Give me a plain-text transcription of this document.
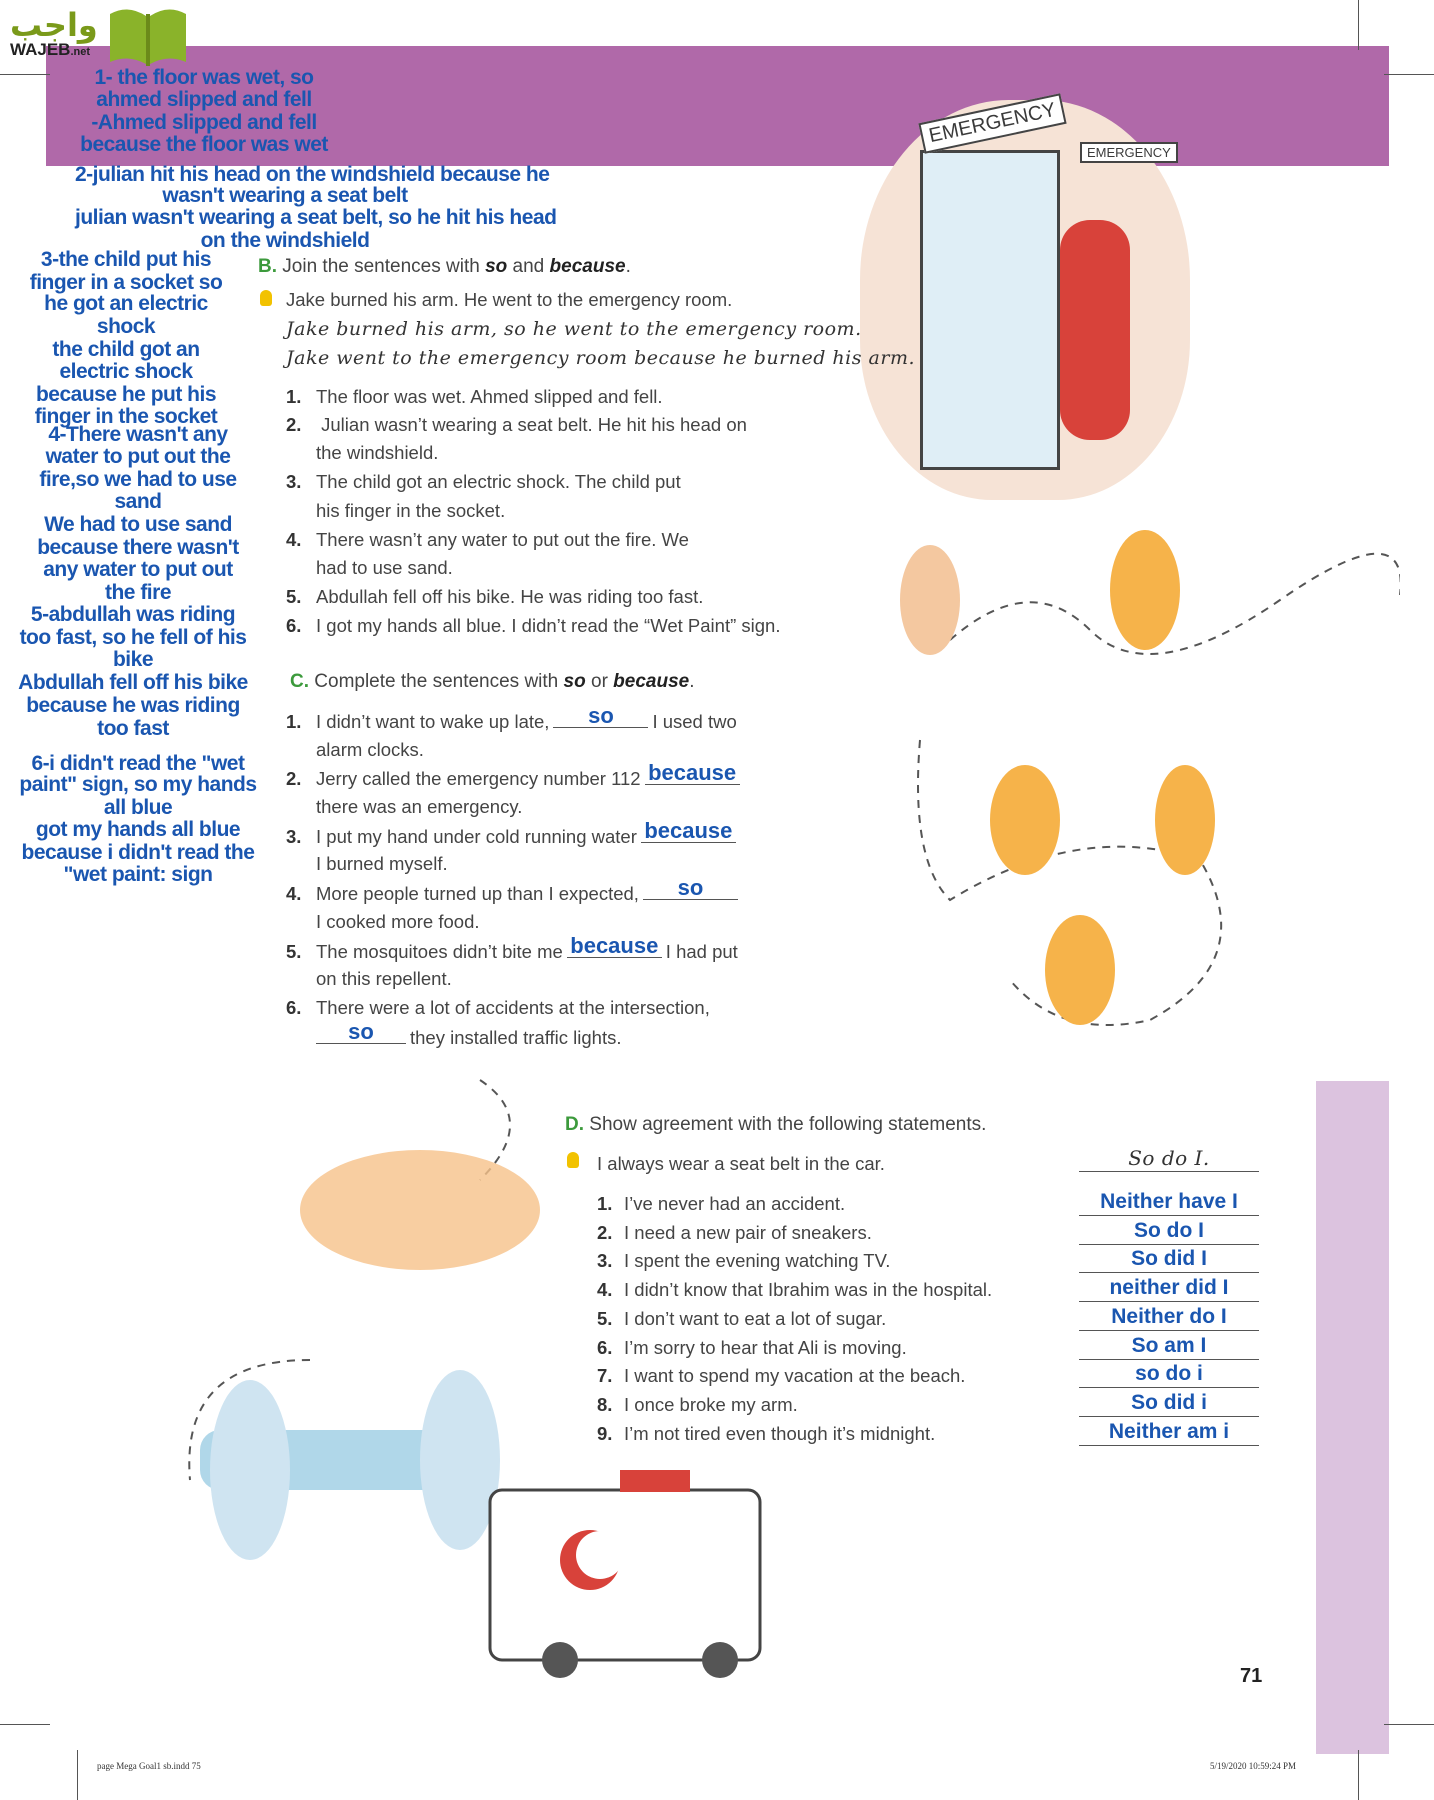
واجب
WAJEB.net
EMERGENCY
EMERGENCY
1- the floor was wet, so
ahmed slipped and fell
-Ahmed slipped and fell
because the floor was wet
2-julian hit his head on the windshield because he
wasn't wearing a seat belt
julian wasn't wearing a seat belt, so he hit his head
on the windshield
3-the child put his
finger in a socket so
he got an electric
shock
the child got an
electric shock
because he put his
finger in the socket
4-There wasn't any
water to put out the
fire,so we had to use
sand
We had to use sand
because there wasn't
any water to put out
the fire
5-abdullah was riding
too fast, so he fell of his
bike
Abdullah fell off his bike
because he was riding
too fast
6-i didn't read the "wet
paint" sign, so my hands
all blue
got my hands all blue
because i didn't read the
"wet paint: sign
B. Join the sentences with so and because.
Jake burned his arm. He went to the emergency room.
Jake burned his arm, so he went to the emergency room.
Jake went to the emergency room because he burned his arm.
1. The floor was wet. Ahmed slipped and fell.
2. Julian wasn’t wearing a seat belt. He hit his head on
the windshield.
3. The child got an electric shock. The child put
his finger in the socket.
4. There wasn’t any water to put out the fire. We
had to use sand.
5. Abdullah fell off his bike. He was riding too fast.
6. I got my hands all blue. I didn’t read the “Wet Paint” sign.
C. Complete the sentences with so or because.
1. I didn’t want to wake up late,	so	I used two
alarm clocks.
2. Jerry called the emergency number 112 because
there was an emergency.
3. I put my hand under cold running water because
I burned myself.
4. More people turned up than I expected,	so
I cooked more food.
5. The mosquitoes didn’t bite me because I had put
on this repellent.
6. There were a lot of accidents at the intersection,
so	they installed traffic lights.
D. Show agreement with the following statements.
I always wear a seat belt in the car.	So do I.
1. I’ve never had an accident.	Neither have I
2. I need a new pair of sneakers.	So do I
3. I spent the evening watching TV.	So did I
4. I didn’t know that Ibrahim was in the hospital.	neither did I
5. I don’t want to eat a lot of sugar.	Neither do I
6. I’m sorry to hear that Ali is moving.	So am I
7. I want to spend my vacation at the beach.	so do i
8. I once broke my arm.	So did i
9. I’m not tired even though it’s midnight.	Neither am i
71
page Mega Goal1 sb.indd 75	5/19/2020 10:59:24 PM
